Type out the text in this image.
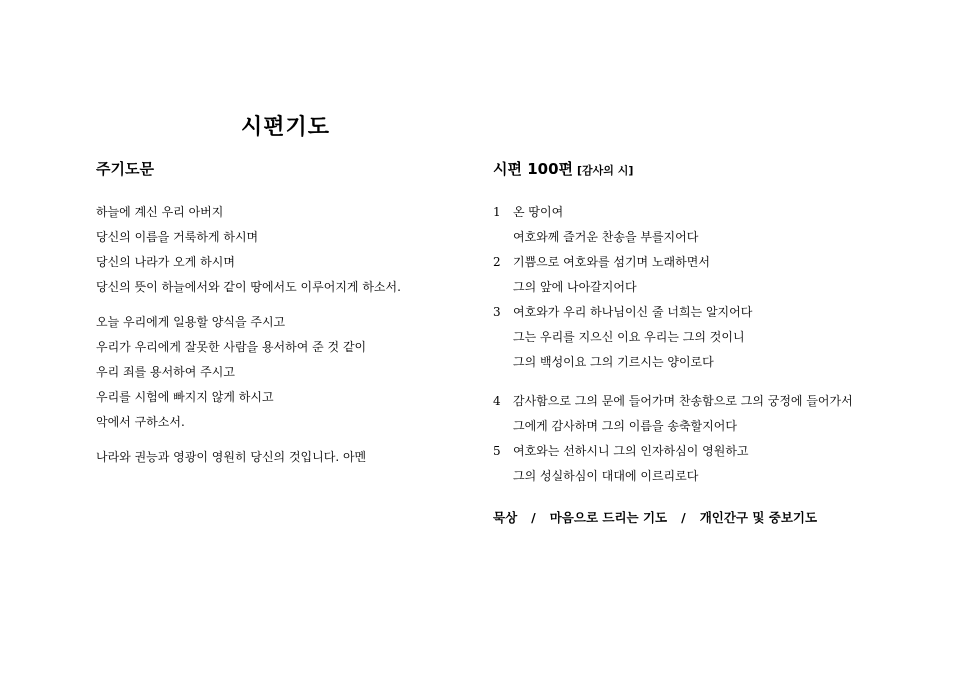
시편기도
주기도문
하늘에 계신 우리 아버지
당신의 이름을 거룩하게 하시며
당신의 나라가 오게 하시며
당신의 뜻이 하늘에서와 같이 땅에서도 이루어지게 하소서.
오늘 우리에게 일용할 양식을 주시고
우리가 우리에게 잘못한 사람을 용서하여 준 것 같이
우리 죄를 용서하여 주시고
우리를 시험에 빠지지 않게 하시고
악에서 구하소서.
나라와 권능과 영광이 영원히 당신의 것입니다. 아멘
시편 100편 [감사의 시]
1 온 땅이여
여호와께 즐거운 찬송을 부를지어다
2 기쁨으로 여호와를 섬기며 노래하면서
그의 앞에 나아갈지어다
3 여호와가 우리 하나님이신 줄 너희는 알지어다
그는 우리를 지으신 이요 우리는 그의 것이니
그의 백성이요 그의 기르시는 양이로다
4 감사함으로 그의 문에 들어가며 찬송함으로 그의 궁정에 들어가서
그에게 감사하며 그의 이름을 송축할지어다
5 여호와는 선하시니 그의 인자하심이 영원하고
그의 성실하심이 대대에 이르리로다
묵상 / 마음으로 드리는 기도 / 개인간구 및 중보기도
